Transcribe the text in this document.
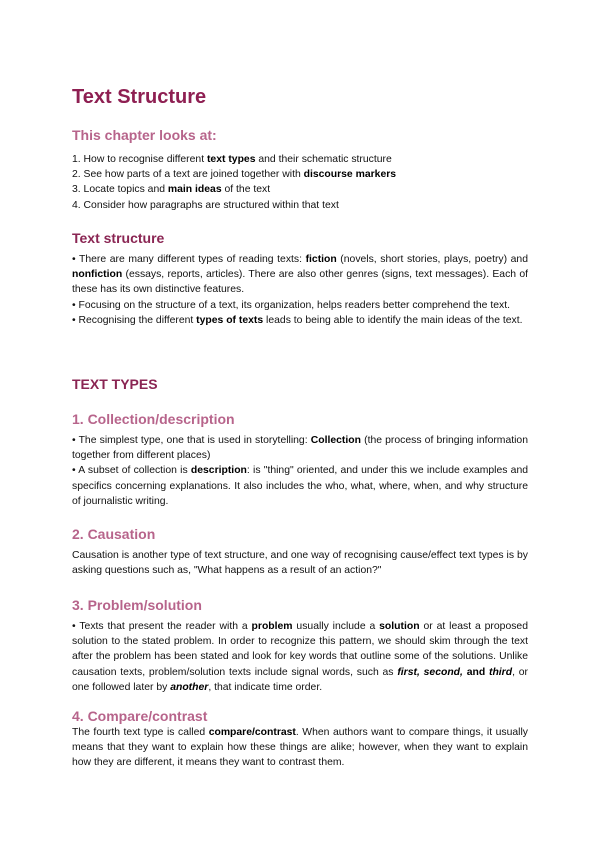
Text Structure
This chapter looks at:
1. How to recognise different text types and their schematic structure
2. See how parts of a text are joined together with discourse markers
3. Locate topics and main ideas of the text
4. Consider how paragraphs are structured within that text
Text structure
• There are many different types of reading texts: fiction (novels, short stories, plays, poetry) and nonfiction (essays, reports, articles). There are also other genres (signs, text messages). Each of these has its own distinctive features.
• Focusing on the structure of a text, its organization, helps readers better comprehend the text.
• Recognising the different types of texts leads to being able to identify the main ideas of the text.
TEXT TYPES
1. Collection/description
• The simplest type, one that is used in storytelling: Collection (the process of bringing information together from different places)
• A subset of collection is description: is "thing" oriented, and under this we include examples and specifics concerning explanations. It also includes the who, what, where, when, and why structure of journalistic writing.
2. Causation
Causation is another type of text structure, and one way of recognising cause/effect text types is by asking questions such as, "What happens as a result of an action?"
3. Problem/solution
• Texts that present the reader with a problem usually include a solution or at least a proposed solution to the stated problem. In order to recognize this pattern, we should skim through the text after the problem has been stated and look for key words that outline some of the solutions. Unlike causation texts, problem/solution texts include signal words, such as first, second, and third, or one followed later by another, that indicate time order.
4. Compare/contrast
The fourth text type is called compare/contrast. When authors want to compare things, it usually means that they want to explain how these things are alike; however, when they want to explain how they are different, it means they want to contrast them.
